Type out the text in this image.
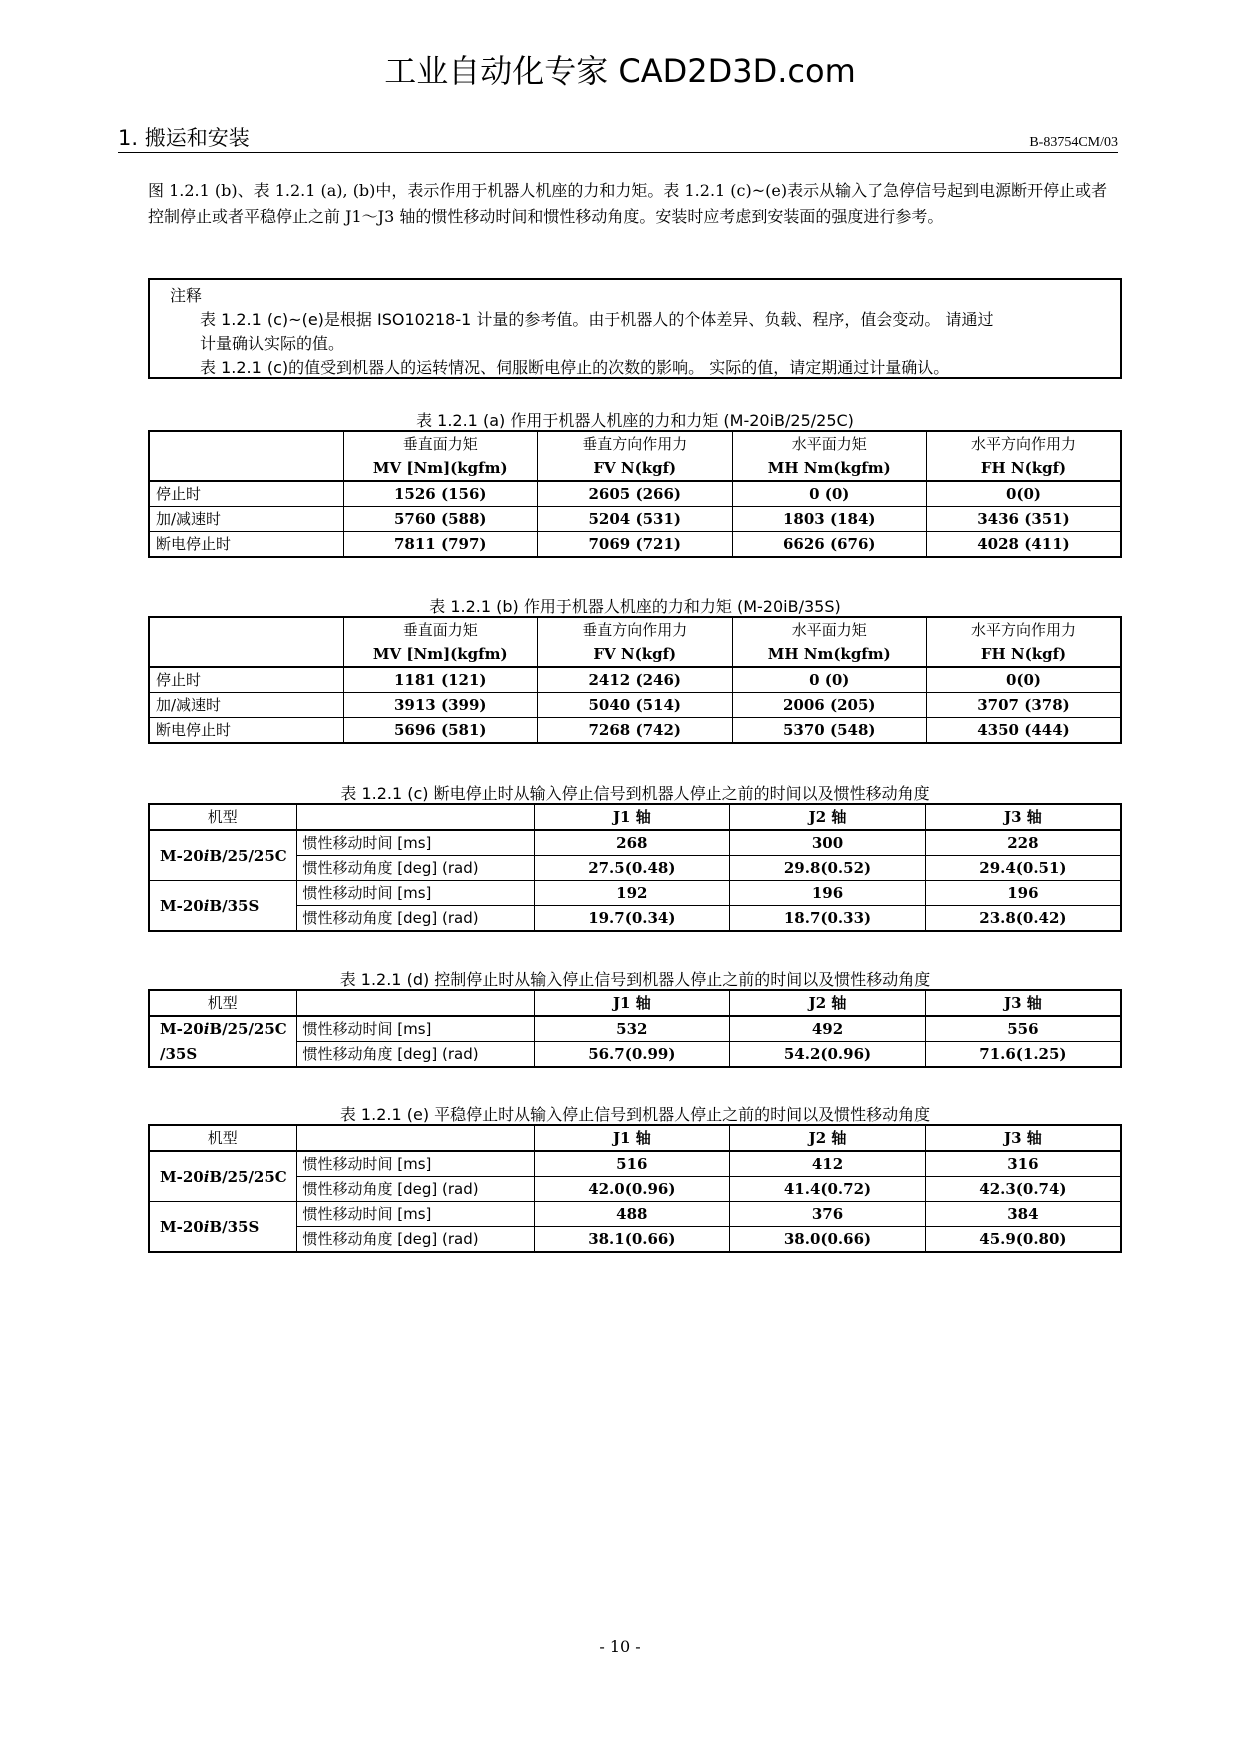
工业自动化专家 CAD2D3D.com
1. 搬运和安装	B-83754CM/03
图 1.2.1 (b)、表 1.2.1 (a), (b)中，表示作用于机器人机座的力和力矩。表 1.2.1 (c)~(e)表示从输入了急停信号起到电源断开停止或者控制停止或者平稳停止之前 J1～J3 轴的惯性移动时间和惯性移动角度。安装时应考虑到安装面的强度进行参考。
注释
表 1.2.1 (c)~(e)是根据 ISO10218-1 计量的参考值。由于机器人的个体差异、负载、程序，值会变动。 请通过
计量确认实际的值。
表 1.2.1 (c)的值受到机器人的运转情况、伺服断电停止的次数的影响。 实际的值，请定期通过计量确认。
表 1.2.1 (a) 作用于机器人机座的力和力矩 (M-20iB/25/25C)
	垂直面力矩	垂直方向作用力	水平面力矩	水平方向作用力
	MV [Nm](kgfm)	FV N(kgf)	MH Nm(kgfm)	FH N(kgf)
停止时	1526 (156)	2605 (266)	0 (0)	0(0)
加/减速时	5760 (588)	5204 (531)	1803 (184)	3436 (351)
断电停止时	7811 (797)	7069 (721)	6626 (676)	4028 (411)
表 1.2.1 (b) 作用于机器人机座的力和力矩 (M-20iB/35S)
	垂直面力矩	垂直方向作用力	水平面力矩	水平方向作用力
	MV [Nm](kgfm)	FV N(kgf)	MH Nm(kgfm)	FH N(kgf)
停止时	1181 (121)	2412 (246)	0 (0)	0(0)
加/减速时	3913 (399)	5040 (514)	2006 (205)	3707 (378)
断电停止时	5696 (581)	7268 (742)	5370 (548)	4350 (444)
表 1.2.1 (c) 断电停止时从输入停止信号到机器人停止之前的时间以及惯性移动角度
机型		J1 轴	J2 轴	J3 轴
M-20iB/25/25C	惯性移动时间 [ms]	268	300	228
	惯性移动角度 [deg] (rad)	27.5(0.48)	29.8(0.52)	29.4(0.51)
M-20iB/35S	惯性移动时间 [ms]	192	196	196
	惯性移动角度 [deg] (rad)	19.7(0.34)	18.7(0.33)	23.8(0.42)
表 1.2.1 (d) 控制停止时从输入停止信号到机器人停止之前的时间以及惯性移动角度
机型		J1 轴	J2 轴	J3 轴
M-20iB/25/25C	惯性移动时间 [ms]	532	492	556
/35S	惯性移动角度 [deg] (rad)	56.7(0.99)	54.2(0.96)	71.6(1.25)
表 1.2.1 (e) 平稳停止时从输入停止信号到机器人停止之前的时间以及惯性移动角度
机型		J1 轴	J2 轴	J3 轴
M-20iB/25/25C	惯性移动时间 [ms]	516	412	316
	惯性移动角度 [deg] (rad)	42.0(0.96)	41.4(0.72)	42.3(0.74)
M-20iB/35S	惯性移动时间 [ms]	488	376	384
	惯性移动角度 [deg] (rad)	38.1(0.66)	38.0(0.66)	45.9(0.80)
- 10 -
